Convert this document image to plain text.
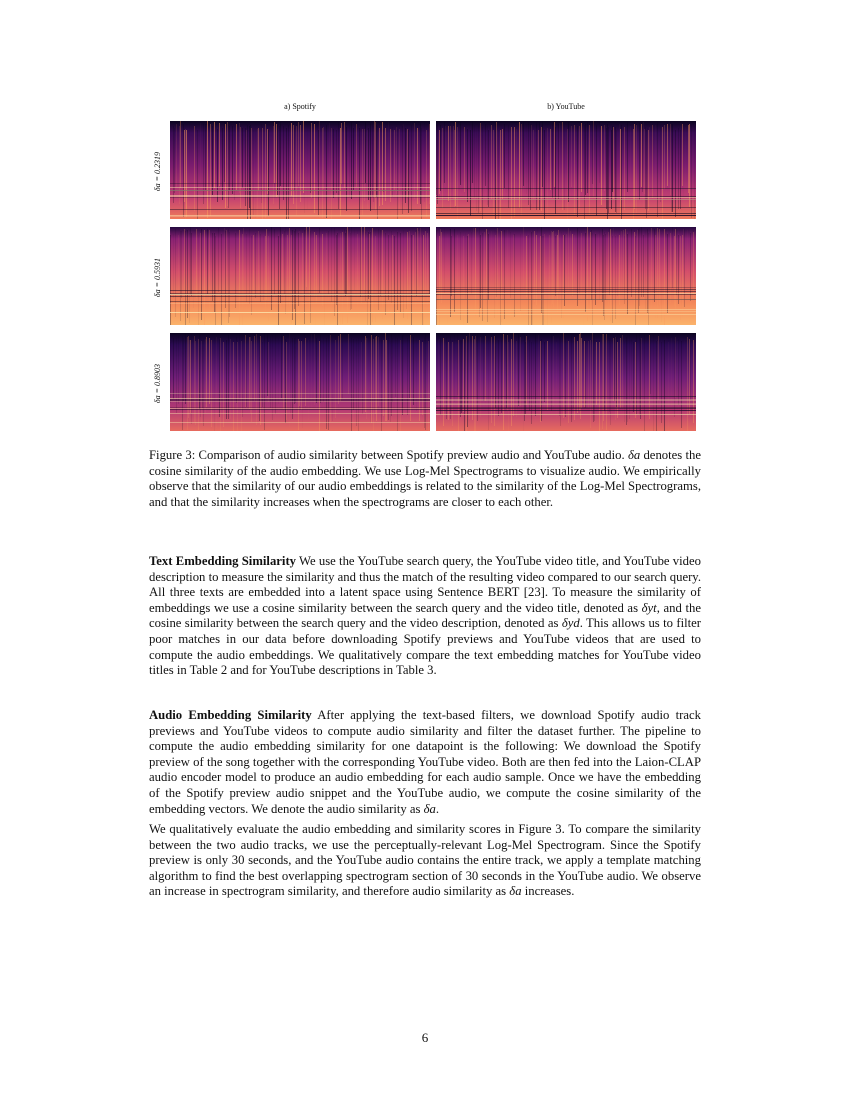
a) Spotify	b) YouTube
δa = 0.2319
δa = 0.5931
δa = 0.8903
Figure 3: Comparison of audio similarity between Spotify preview audio and YouTube audio. δa denotes the cosine similarity of the audio embedding. We use Log-Mel Spectrograms to visualize audio. We empirically observe that the similarity of our audio embeddings is related to the similarity of the Log-Mel Spectrograms, and that the similarity increases when the spectrograms are closer to each other.

Text Embedding Similarity We use the YouTube search query, the YouTube video title, and YouTube video description to measure the similarity and thus the match of the resulting video compared to our search query. All three texts are embedded into a latent space using Sentence BERT [23]. To measure the similarity of embeddings we use a cosine similarity between the search query and the video title, denoted as δyt, and the cosine similarity between the search query and the video description, denoted as δyd. This allows us to filter poor matches in our data before downloading Spotify previews and YouTube videos that are used to compute the audio embeddings. We qualitatively compare the text embedding matches for YouTube video titles in Table 2 and for YouTube descriptions in Table 3.

Audio Embedding Similarity After applying the text-based filters, we download Spotify audio track previews and YouTube videos to compute audio similarity and filter the dataset further. The pipeline to compute the audio embedding similarity for one datapoint is the following: We download the Spotify preview of the song together with the corresponding YouTube video. Both are then fed into the Laion-CLAP audio encoder model to produce an audio embedding for each audio sample. Once we have the embedding of the Spotify preview audio snippet and the YouTube audio, we compute the cosine similarity of the embedding vectors. We denote the audio similarity as δa.

We qualitatively evaluate the audio embedding and similarity scores in Figure 3. To compare the similarity between the two audio tracks, we use the perceptually-relevant Log-Mel Spectrogram. Since the Spotify preview is only 30 seconds, and the YouTube audio contains the entire track, we apply a template matching algorithm to find the best overlapping spectrogram section of 30 seconds in the YouTube audio. We observe an increase in spectrogram similarity, and therefore audio similarity as δa increases.

6
